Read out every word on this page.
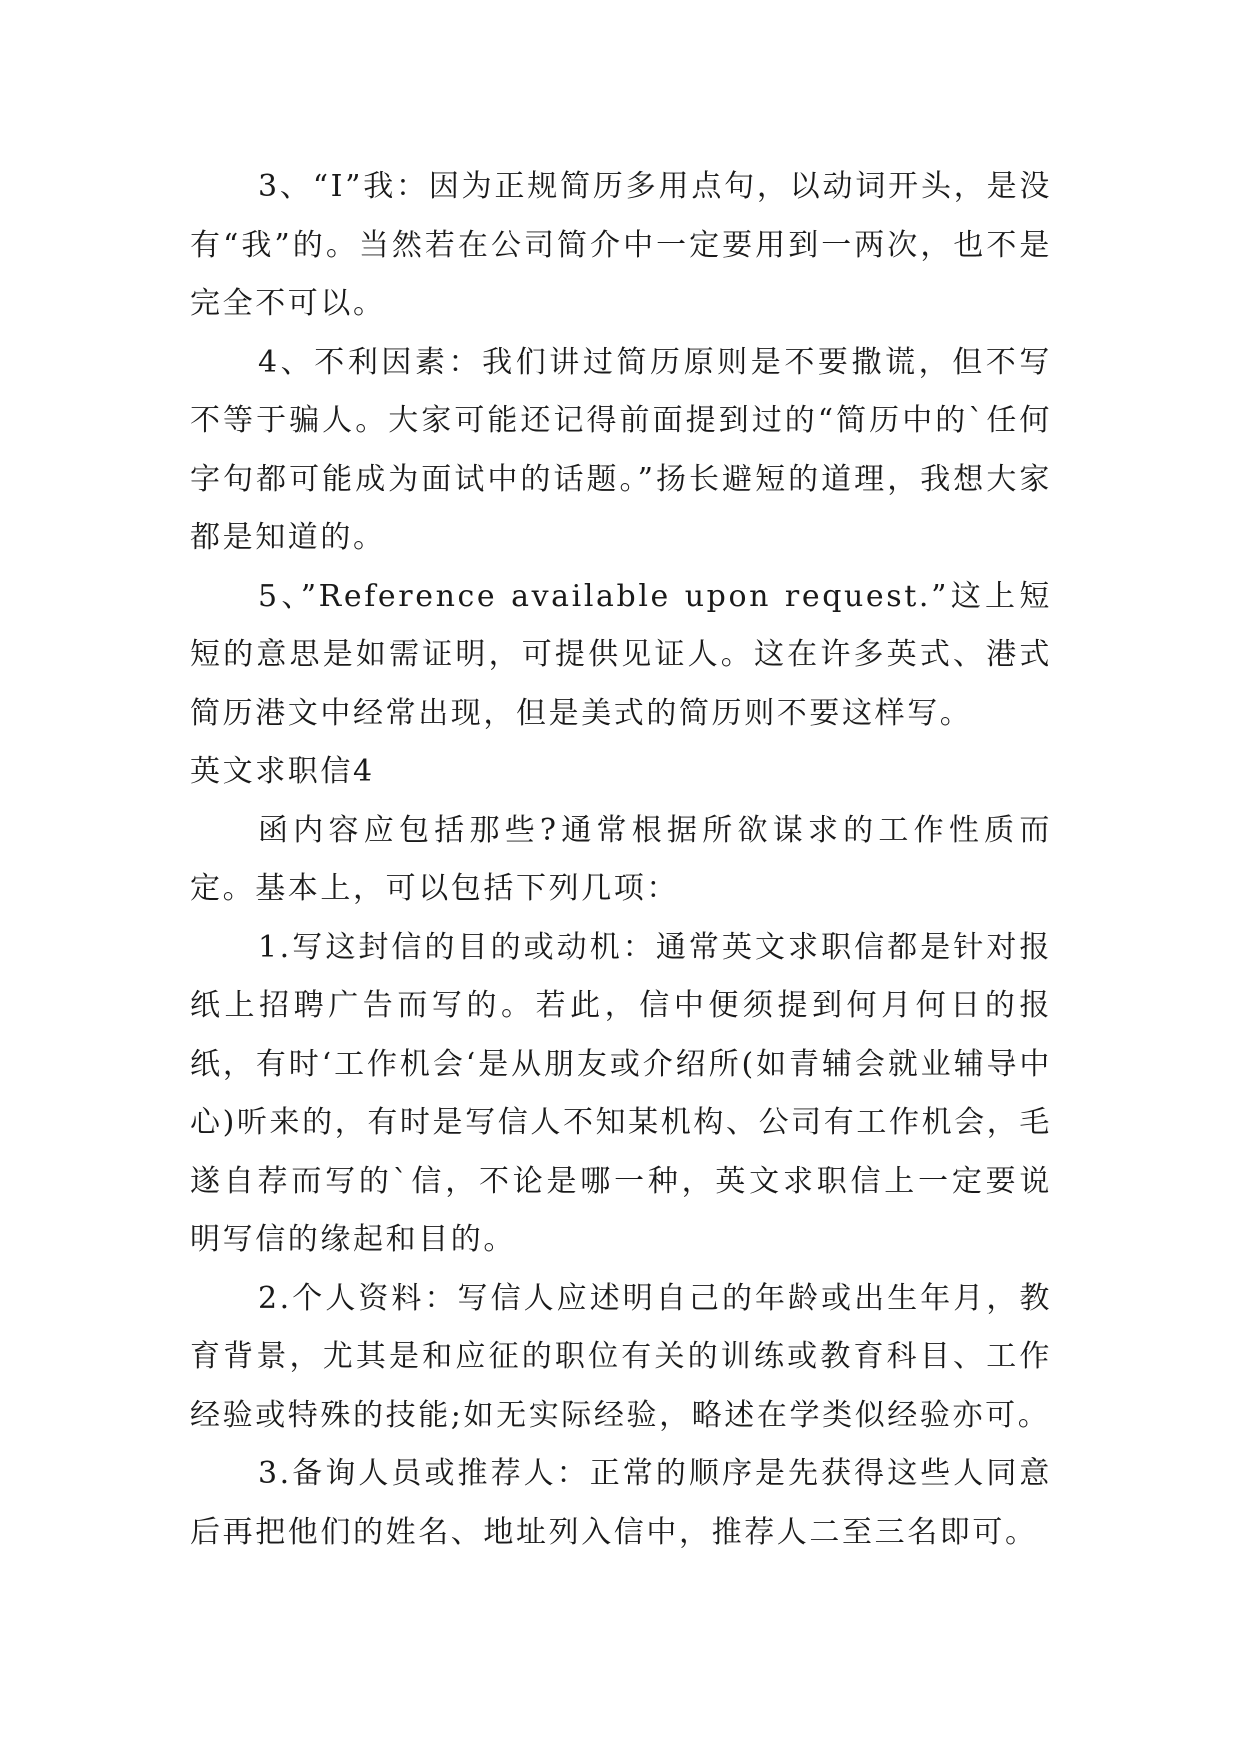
3、“I”我：因为正规简历多用点句，以动词开头，是没有“我”的。当然若在公司简介中一定要用到一两次，也不是完全不可以。

4、不利因素：我们讲过简历原则是不要撒谎，但不写不等于骗人。大家可能还记得前面提到过的“简历中的`任何字句都可能成为面试中的话题。”扬长避短的道理，我想大家都是知道的。

5、”Reference available upon request.”这上短短的意思是如需证明，可提供见证人。这在许多英式、港式简历港文中经常出现，但是美式的简历则不要这样写。

英文求职信4

函内容应包括那些?通常根据所欲谋求的工作性质而定。基本上，可以包括下列几项：

1.写这封信的目的或动机：通常英文求职信都是针对报纸上招聘广告而写的。若此，信中便须提到何月何日的报纸，有时‘工作机会‘是从朋友或介绍所(如青辅会就业辅导中心)听来的，有时是写信人不知某机构、公司有工作机会，毛遂自荐而写的`信，不论是哪一种，英文求职信上一定要说明写信的缘起和目的。

2.个人资料：写信人应述明自己的年龄或出生年月，教育背景，尤其是和应征的职位有关的训练或教育科目、工作经验或特殊的技能;如无实际经验，略述在学类似经验亦可。

3.备询人员或推荐人：正常的顺序是先获得这些人同意后再把他们的姓名、地址列入信中，推荐人二至三名即可。
